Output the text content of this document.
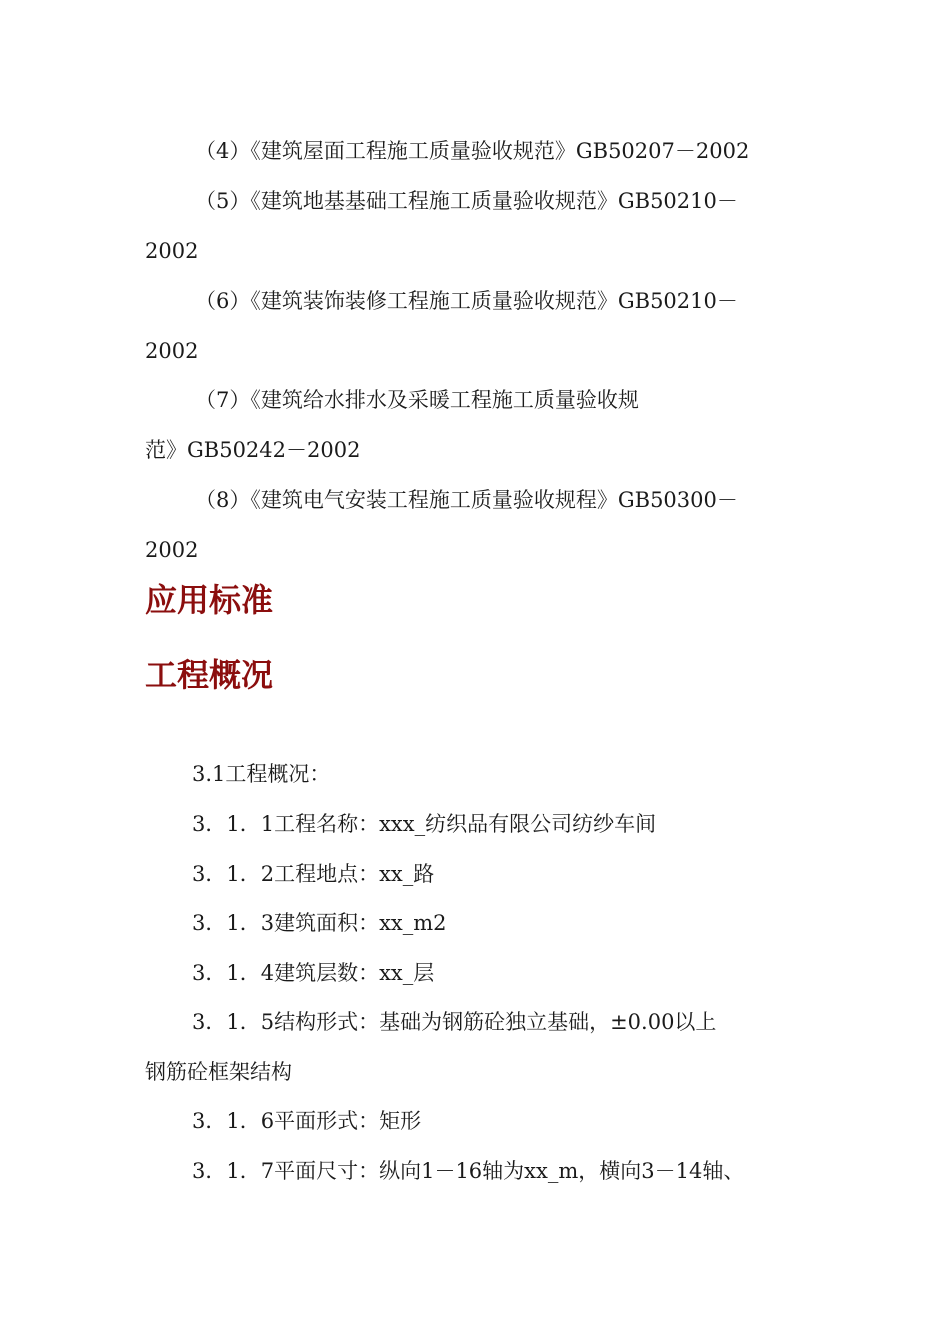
（4）《建筑屋面工程施工质量验收规范》GB50207－2002
（5）《建筑地基基础工程施工质量验收规范》GB50210－
2002
（6）《建筑装饰装修工程施工质量验收规范》GB50210－
2002
（7）《建筑给水排水及采暖工程施工质量验收规
范》GB50242－2002
（8）《建筑电气安装工程施工质量验收规程》GB50300－
2002
应用标准
工程概况
3.1工程概况：
3．1．1工程名称：xxx_纺织品有限公司纺纱车间
3．1．2工程地点：xx_路
3．1．3建筑面积：xx_m2
3．1．4建筑层数：xx_层
3．1．5结构形式：基础为钢筋砼独立基础，±0.00以上
钢筋砼框架结构
3．1．6平面形式：矩形
3．1．7平面尺寸：纵向1－16轴为xx_m，横向3－14轴、
